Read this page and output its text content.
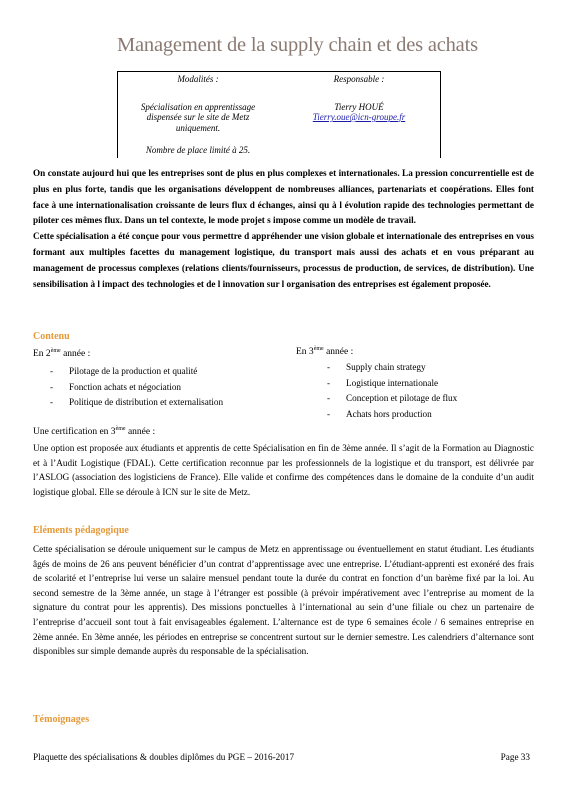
Management de la supply chain et des achats
Modalités :
Spécialisation en apprentissage
dispensée sur le site de Metz
uniquement.
Nombre de place limité à 25.
Responsable :
Tierry HOUÉ
Tierry.oue@icn-groupe.fr
On constate aujourd hui que les entreprises sont de plus en plus complexes et internationales. La pression concurrentielle est de plus en plus forte, tandis que les organisations développent de nombreuses alliances, partenariats et coopérations. Elles font face à une internationalisation croissante de leurs flux d échanges, ainsi qu à l évolution rapide des technologies permettant de piloter ces mêmes flux. Dans un tel contexte, le mode projet s impose comme un modèle de travail.
Cette spécialisation a été conçue pour vous permettre d appréhender une vision globale et internationale des entreprises en vous formant aux multiples facettes du management logistique, du transport mais aussi des achats et en vous préparant au management de processus complexes (relations clients/fournisseurs, processus de production, de services, de distribution). Une sensibilisation à l impact des technologies et de l innovation sur l organisation des entreprises est également proposée.
Contenu
En 2ème année :
- Pilotage de la production et qualité
- Fonction achats et négociation
- Politique de distribution et externalisation
En 3ème année :
- Supply chain strategy
- Logistique internationale
- Conception et pilotage de flux
- Achats hors production
Une certification en 3ème année :
Une option est proposée aux étudiants et apprentis de cette Spécialisation en fin de 3ème année. Il s’agit de la Formation au Diagnostic et à l’Audit Logistique (FDAL). Cette certification reconnue par les professionnels de la logistique et du transport, est délivrée par l’ASLOG (association des logisticiens de France). Elle valide et confirme des compétences dans le domaine de la conduite d’un audit logistique global. Elle se déroule à ICN sur le site de Metz.
Eléments pédagogique
Cette spécialisation se déroule uniquement sur le campus de Metz en apprentissage ou éventuellement en statut étudiant. Les étudiants âgés de moins de 26 ans peuvent bénéficier d’un contrat d’apprentissage avec une entreprise. L’étudiant-apprenti est exonéré des frais de scolarité et l’entreprise lui verse un salaire mensuel pendant toute la durée du contrat en fonction d’un barème fixé par la loi. Au second semestre de la 3ème année, un stage à l’étranger est possible (à prévoir impérativement avec l’entreprise au moment de la signature du contrat pour les apprentis). Des missions ponctuelles à l’international au sein d’une filiale ou chez un partenaire de l’entreprise d’accueil sont tout à fait envisageables également. L’alternance est de type 6 semaines école / 6 semaines entreprise en 2ème année. En 3ème année, les périodes en entreprise se concentrent surtout sur le dernier semestre. Les calendriers d’alternance sont disponibles sur simple demande auprès du responsable de la spécialisation.
Témoignages
Plaquette des spécialisations & doubles diplômes du PGE – 2016-2017	Page 33
